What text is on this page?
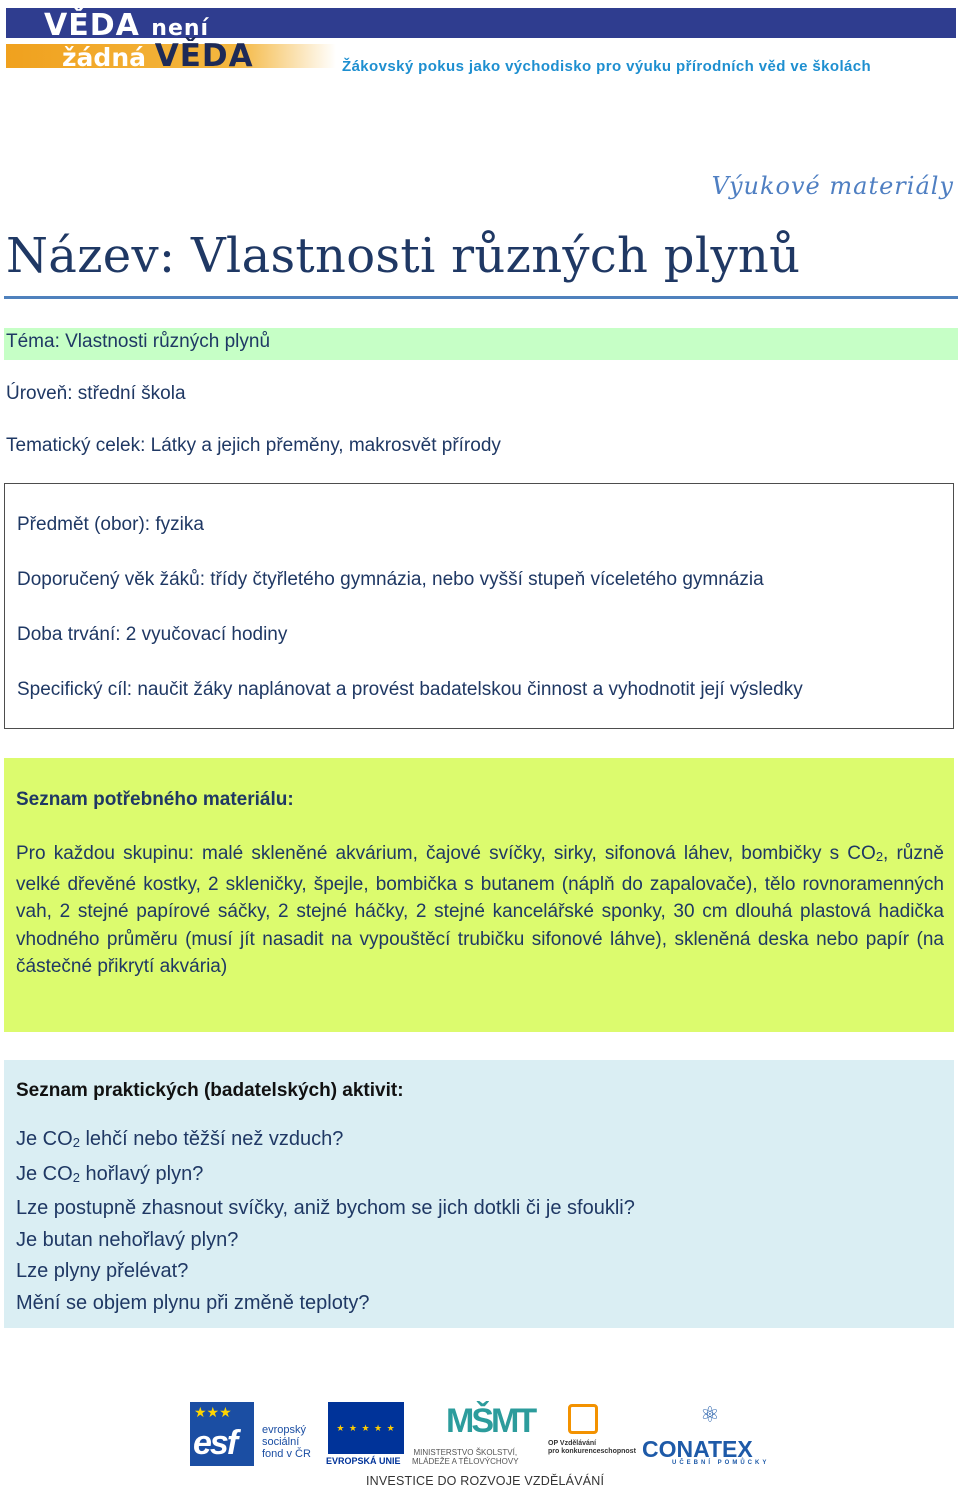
VĚDA není
žádná VĚDA	Žákovský pokus jako východisko pro výuku přírodních věd ve školách
Výukové materiály
Název: Vlastnosti různých plynů
Téma: Vlastnosti různých plynů
Úroveň: střední škola
Tematický celek: Látky a jejich přeměny, makrosvět přírody
Předmět (obor): fyzika
Doporučený věk žáků: třídy čtyřletého gymnázia, nebo vyšší stupeň víceletého gymnázia
Doba trvání: 2 vyučovací hodiny
Specifický cíl: naučit žáky naplánovat a provést badatelskou činnost a vyhodnotit její výsledky
Seznam potřebného materiálu:
Pro každou skupinu: malé skleněné akvárium, čajové svíčky, sirky, sifonová láhev, bombičky s $CO_2$, různě velké dřevěné kostky, 2 skleničky, špejle, bombička s butanem (náplň do zapalovače), tělo rovnoramenných vah, 2 stejné papírové sáčky, 2 stejné háčky, 2 stejné kancelářské sponky, 30 cm dlouhá plastová hadička vhodného průměru (musí jít nasadit na vypouštěcí trubičku sifonové láhve), skleněná deska nebo papír (na částečné přikrytí akvária)
Seznam praktických (badatelských) aktivit:
Je $CO_2$ lehčí nebo těžší než vzduch?
Je $CO_2$ hořlavý plyn?
Lze postupně zhasnout svíčky, aniž bychom se jich dotkli či je sfoukli?
Je butan nehořlavý plyn?
Lze plyny přelévat?
Mění se objem plynu při změně teploty?
★★★
esf evropský
sociální
fond v ČR
★ ★ ★ ★ ★
EVROPSKÁ UNIE
MŠMT
MINISTERSTVO ŠKOLSTVÍ,
MLÁDEŽE A TĚLOVÝCHOVY
OP Vzdělávání
pro konkurenceschopnost
⚛
CONATEX
UČEBNÍ POMŮCKY
INVESTICE DO ROZVOJE VZDĚLÁVÁNÍ
